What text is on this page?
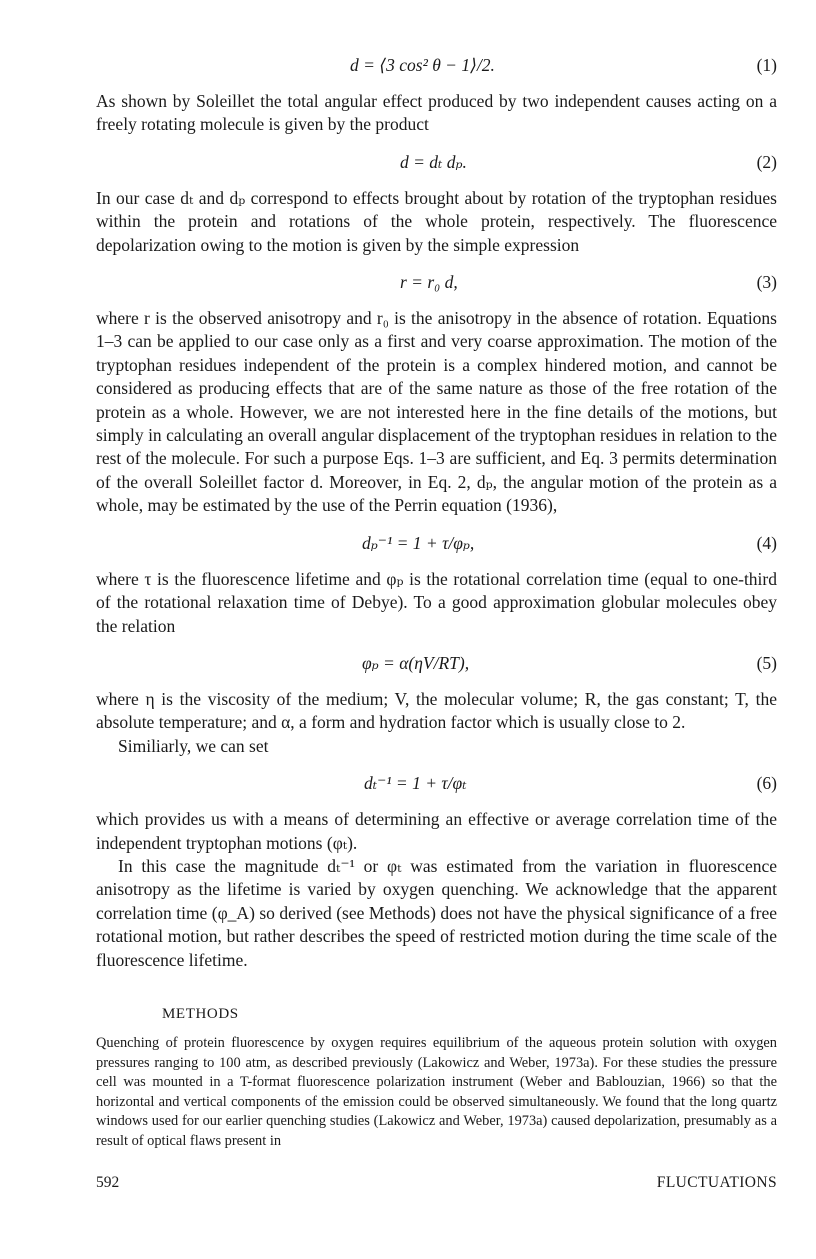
d = ⟨3 cos² θ − 1⟩/2.	(1)

As shown by Soleillet the total angular effect produced by two independent causes acting on a freely rotating molecule is given by the product

d = dₜ dₚ.	(2)

In our case dₜ and dₚ correspond to effects brought about by rotation of the tryptophan residues within the protein and rotations of the whole protein, respectively. The fluorescence depolarization owing to the motion is given by the simple expression

r = r₀ d,	(3)

where r is the observed anisotropy and r₀ is the anisotropy in the absence of rotation. Equations 1–3 can be applied to our case only as a first and very coarse approximation. The motion of the tryptophan residues independent of the protein is a complex hindered motion, and cannot be considered as producing effects that are of the same nature as those of the free rotation of the protein as a whole. However, we are not interested here in the fine details of the motions, but simply in calculating an overall angular displacement of the tryptophan residues in relation to the rest of the molecule. For such a purpose Eqs. 1–3 are sufficient, and Eq. 3 permits determination of the overall Soleillet factor d. Moreover, in Eq. 2, dₚ, the angular motion of the protein as a whole, may be estimated by the use of the Perrin equation (1936),

dₚ⁻¹ = 1 + τ/φₚ,	(4)

where τ is the fluorescence lifetime and φₚ is the rotational correlation time (equal to one-third of the rotational relaxation time of Debye). To a good approximation globular molecules obey the relation

φₚ = α(ηV/RT),	(5)

where η is the viscosity of the medium; V, the molecular volume; R, the gas constant; T, the absolute temperature; and α, a form and hydration factor which is usually close to 2.

Similiarly, we can set

dₜ⁻¹ = 1 + τ/φₜ	(6)

which provides us with a means of determining an effective or average correlation time of the independent tryptophan motions (φₜ).

In this case the magnitude dₜ⁻¹ or φₜ was estimated from the variation in fluorescence anisotropy as the lifetime is varied by oxygen quenching. We acknowledge that the apparent correlation time (φ_A) so derived (see Methods) does not have the physical significance of a free rotational motion, but rather describes the speed of restricted motion during the time scale of the fluorescence lifetime.

METHODS

Quenching of protein fluorescence by oxygen requires equilibrium of the aqueous protein solution with oxygen pressures ranging to 100 atm, as described previously (Lakowicz and Weber, 1973a). For these studies the pressure cell was mounted in a T-format fluorescence polarization instrument (Weber and Bablouzian, 1966) so that the horizontal and vertical components of the emission could be observed simultaneously. We found that the long quartz windows used for our earlier quenching studies (Lakowicz and Weber, 1973a) caused depolarization, presumably as a result of optical flaws present in

592	FLUCTUATIONS
